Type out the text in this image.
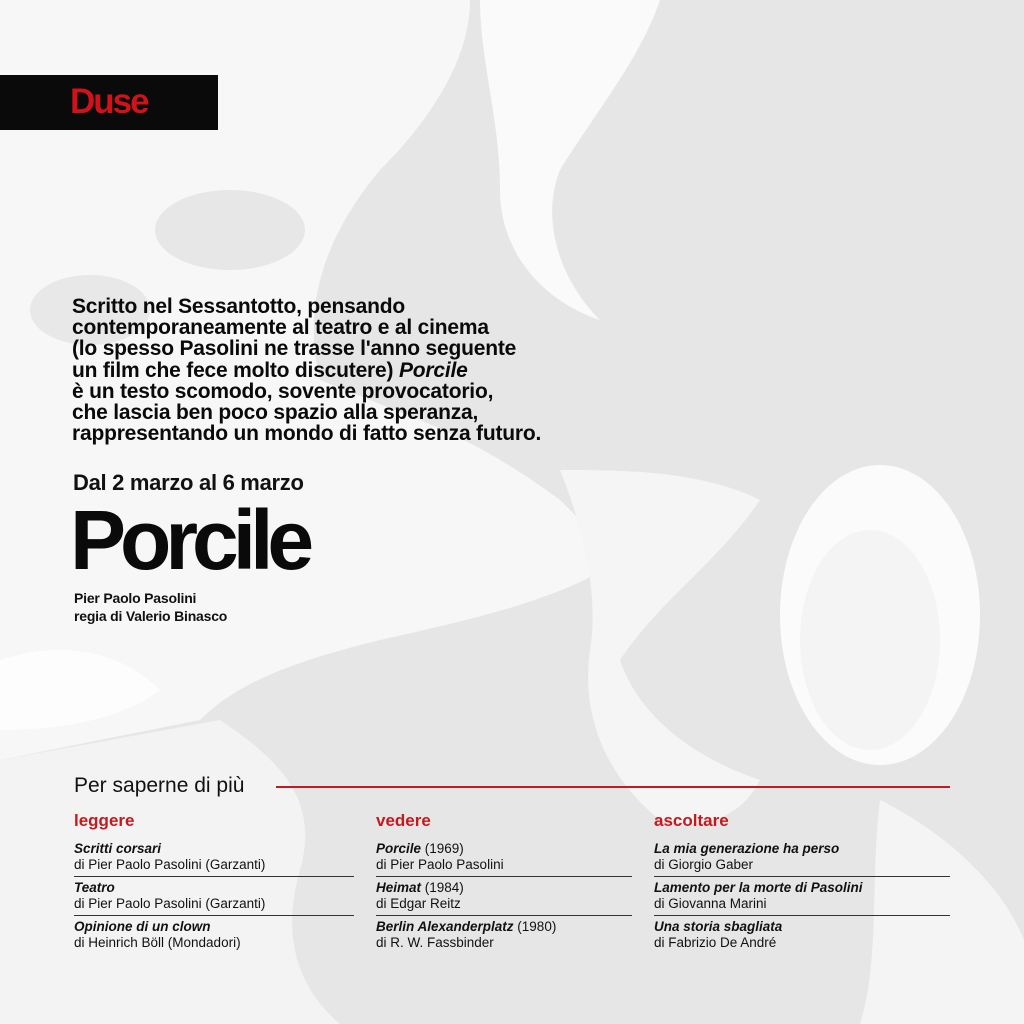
Duse
Scritto nel Sessantotto, pensando
contemporaneamente al teatro e al cinema
(lo spesso Pasolini ne trasse l'anno seguente
un film che fece molto discutere) Porcile
è un testo scomodo, sovente provocatorio,
che lascia ben poco spazio alla speranza,
rappresentando un mondo di fatto senza futuro.
Dal 2 marzo al 6 marzo
Porcile
Pier Paolo Pasolini
regia di Valerio Binasco
Per saperne di più
leggere
Scritti corsari
di Pier Paolo Pasolini (Garzanti)
Teatro
di Pier Paolo Pasolini (Garzanti)
Opinione di un clown
di Heinrich Böll (Mondadori)
vedere
Porcile (1969)
di Pier Paolo Pasolini
Heimat (1984)
di Edgar Reitz
Berlin Alexanderplatz (1980)
di R. W. Fassbinder
ascoltare
La mia generazione ha perso
di Giorgio Gaber
Lamento per la morte di Pasolini
di Giovanna Marini
Una storia sbagliata
di Fabrizio De André
